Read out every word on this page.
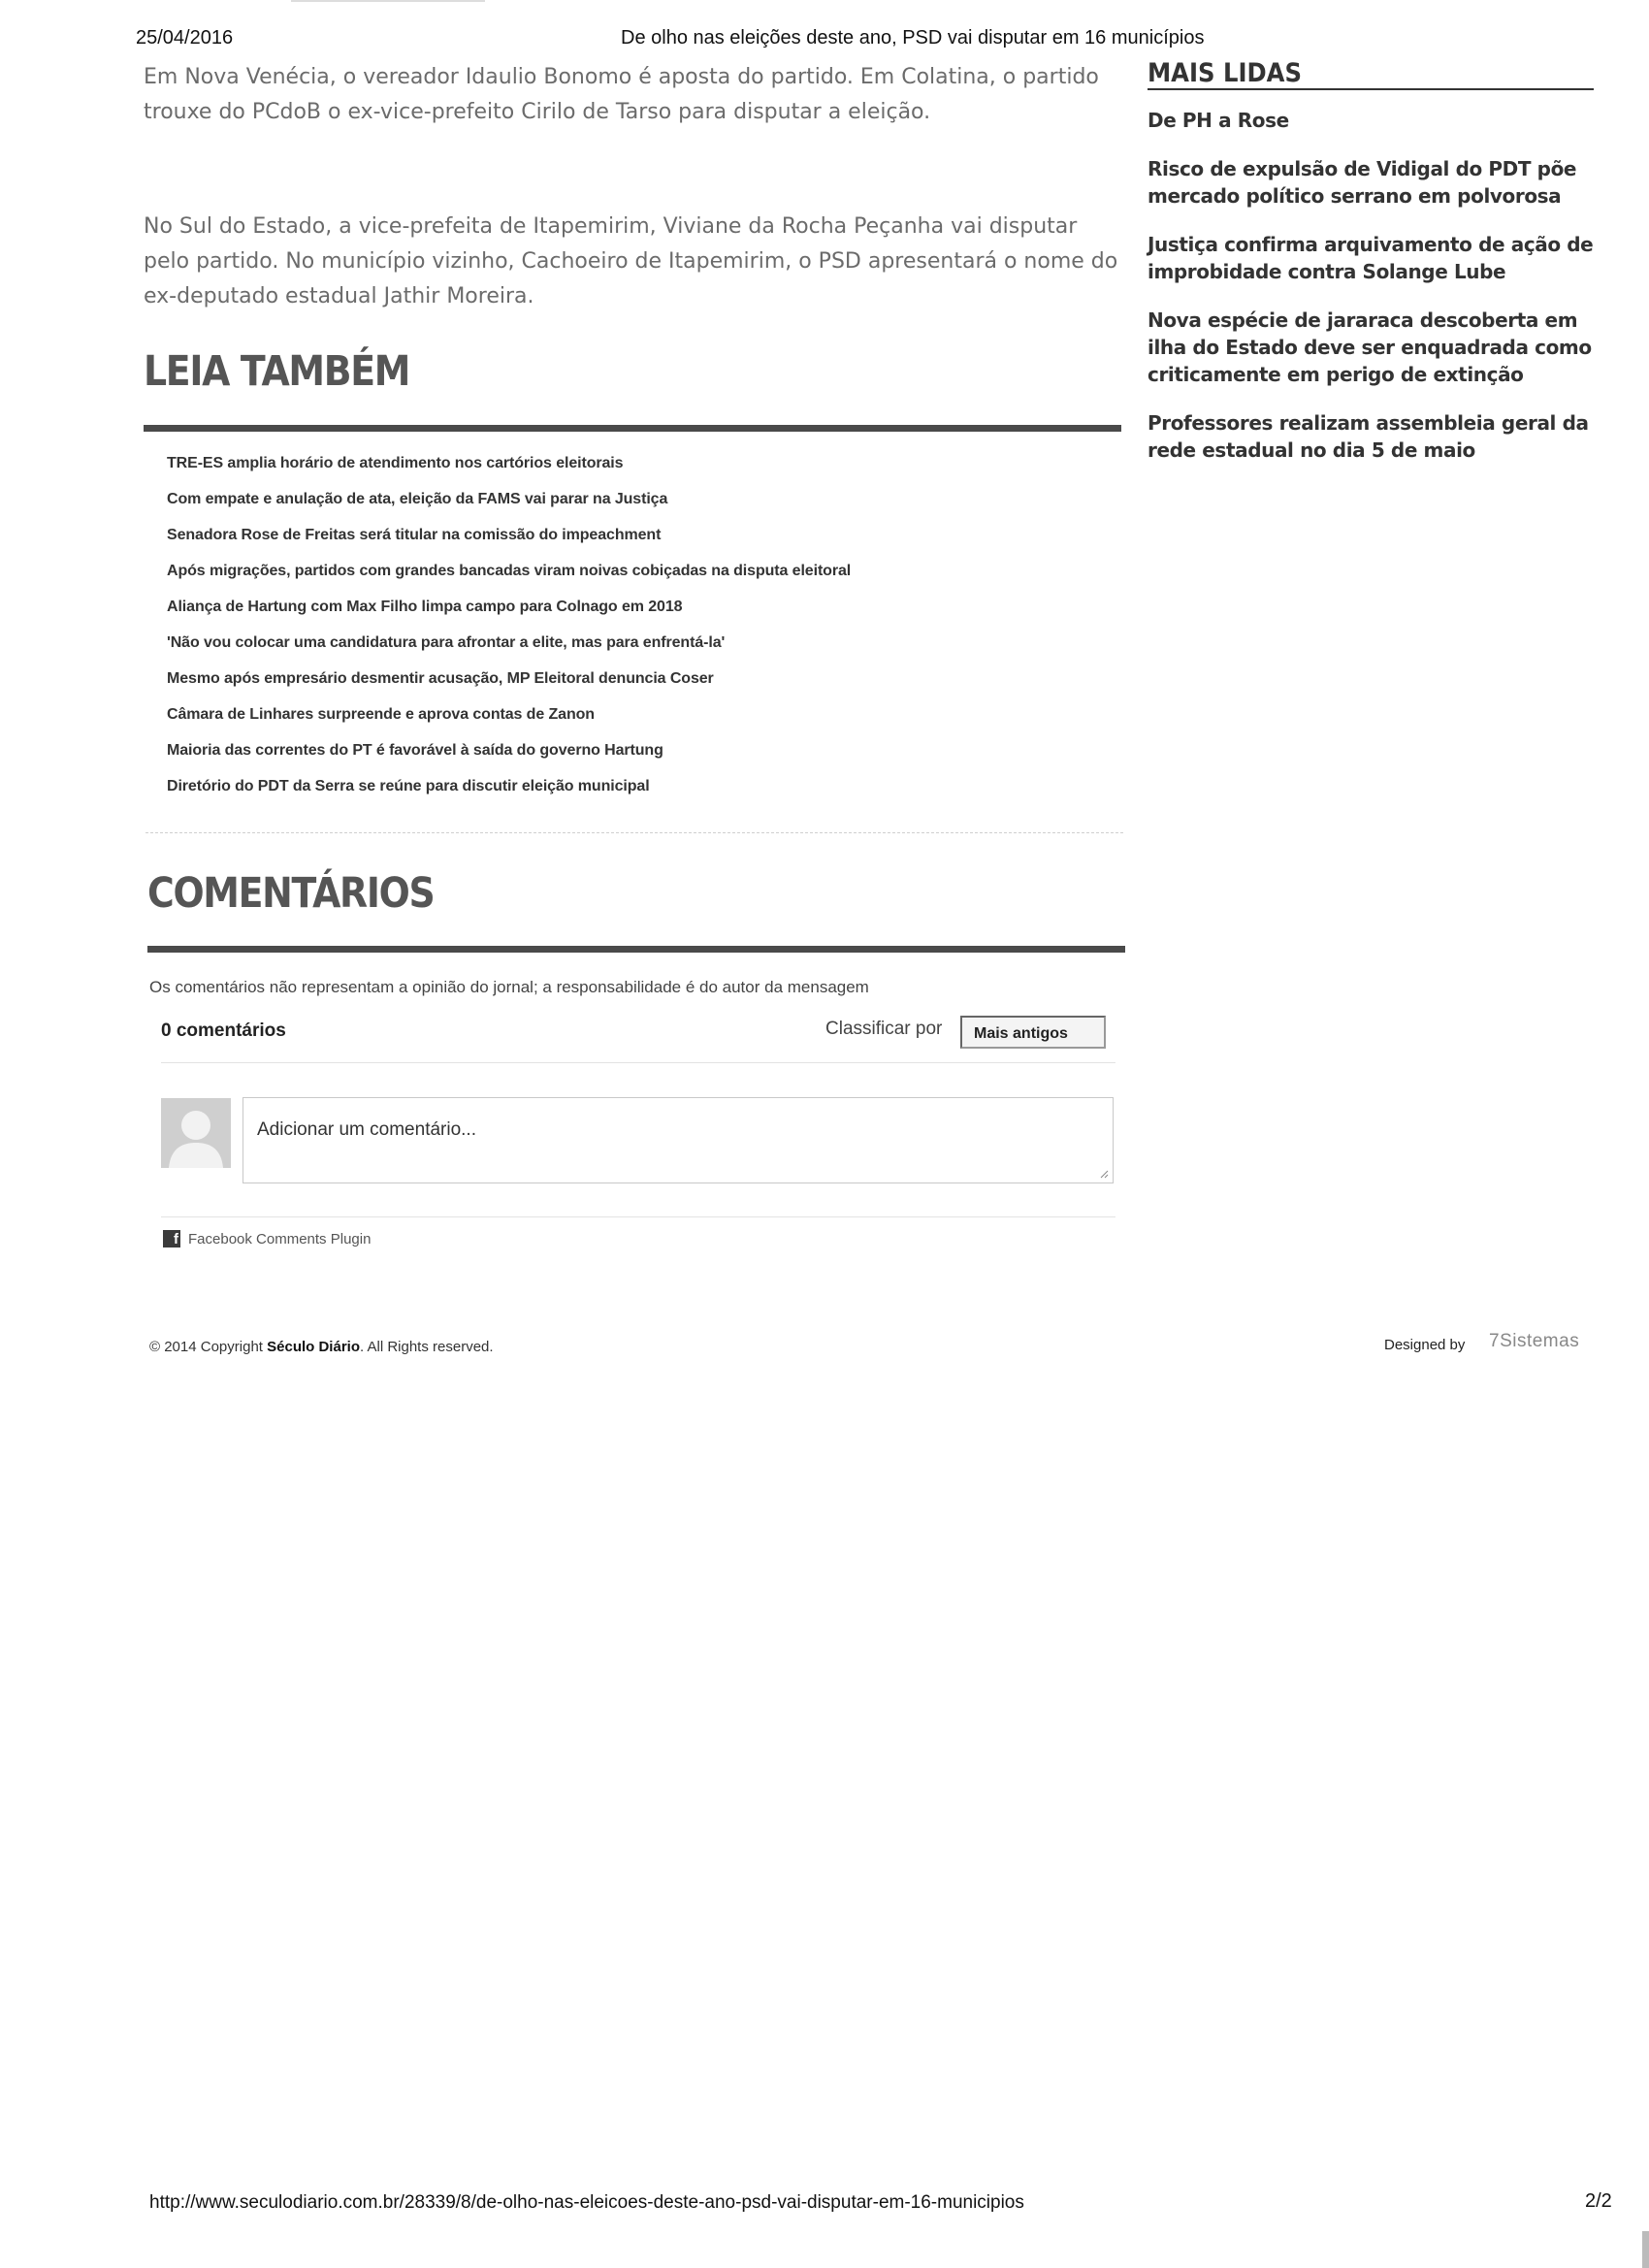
25/04/2016	De olho nas eleições deste ano, PSD vai disputar em 16 municípios

Em Nova Venécia, o vereador Idaulio Bonomo é aposta do partido. Em Colatina, o partido trouxe do PCdoB o ex-vice-prefeito Cirilo de Tarso para disputar a eleição.

No Sul do Estado, a vice-prefeita de Itapemirim, Viviane da Rocha Peçanha vai disputar pelo partido. No município vizinho, Cachoeiro de Itapemirim, o PSD apresentará o nome do ex-deputado estadual Jathir Moreira.

LEIA TAMBÉM
TRE-ES amplia horário de atendimento nos cartórios eleitorais
Com empate e anulação de ata, eleição da FAMS vai parar na Justiça
Senadora Rose de Freitas será titular na comissão do impeachment
Após migrações, partidos com grandes bancadas viram noivas cobiçadas na disputa eleitoral
Aliança de Hartung com Max Filho limpa campo para Colnago em 2018
'Não vou colocar uma candidatura para afrontar a elite, mas para enfrentá-la'
Mesmo após empresário desmentir acusação, MP Eleitoral denuncia Coser
Câmara de Linhares surpreende e aprova contas de Zanon
Maioria das correntes do PT é favorável à saída do governo Hartung
Diretório do PDT da Serra se reúne para discutir eleição municipal
COMENTÁRIOS
Os comentários não representam a opinião do jornal; a responsabilidade é do autor da mensagem
0 comentários	Classificar por	Mais antigos
Adicionar um comentário...
f Facebook Comments Plugin
© 2014 Copyright Século Diário. All Rights reserved.	Designed by 7Sistemas
MAIS LIDAS
De PH a Rose
Risco de expulsão de Vidigal do PDT põe mercado político serrano em polvorosa
Justiça confirma arquivamento de ação de improbidade contra Solange Lube
Nova espécie de jararaca descoberta em ilha do Estado deve ser enquadrada como criticamente em perigo de extinção
Professores realizam assembleia geral da rede estadual no dia 5 de maio
http://www.seculodiario.com.br/28339/8/de-olho-nas-eleicoes-deste-ano-psd-vai-disputar-em-16-municipios	2/2
